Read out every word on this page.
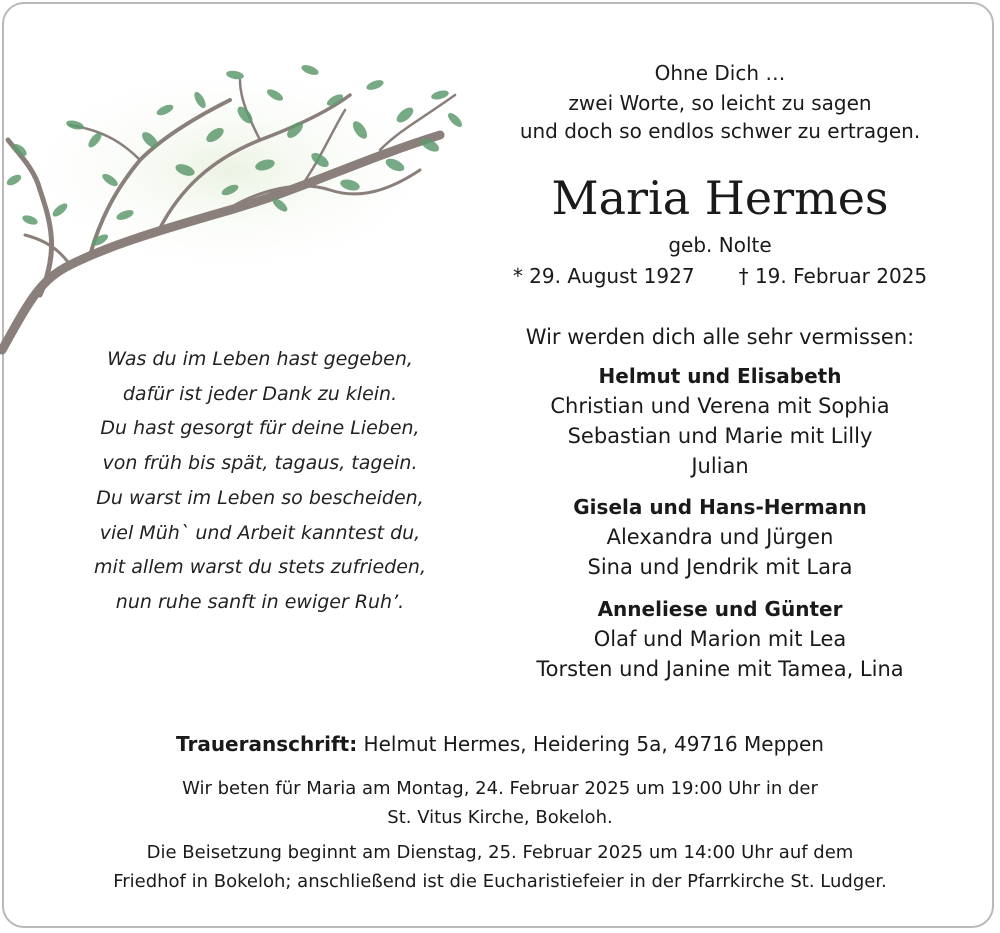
Ohne Dich …

zwei Worte, so leicht zu sagen

und doch so endlos schwer zu ertragen.

Maria Hermes

geb. Nolte

* 29. August 1927 † 19. Februar 2025
Was du im Leben hast gegeben,
dafür ist jeder Dank zu klein.
Du hast gesorgt für deine Lieben,
von früh bis spät, tagaus, tagein.
Du warst im Leben so bescheiden,
viel Müh` und Arbeit kanntest du,
mit allem warst du stets zufrieden,
nun ruhe sanft in ewiger Ruh’.

Wir werden dich alle sehr vermissen:

Helmut und Elisabeth
Christian und Verena mit Sophia
Sebastian und Marie mit Lilly
Julian
Gisela und Hans-Hermann
Alexandra und Jürgen
Sina und Jendrik mit Lara
Anneliese und Günter
Olaf und Marion mit Lea
Torsten und Janine mit Tamea, Lina
Traueranschrift: Helmut Hermes, Heidering 5a, 49716 Meppen
Wir beten für Maria am Montag, 24. Februar 2025 um 19:00 Uhr in der
St. Vitus Kirche, Bokeloh.
Die Beisetzung beginnt am Dienstag, 25. Februar 2025 um 14:00 Uhr auf dem
Friedhof in Bokeloh; anschließend ist die Eucharistiefeier in der Pfarrkirche St. Ludger.
